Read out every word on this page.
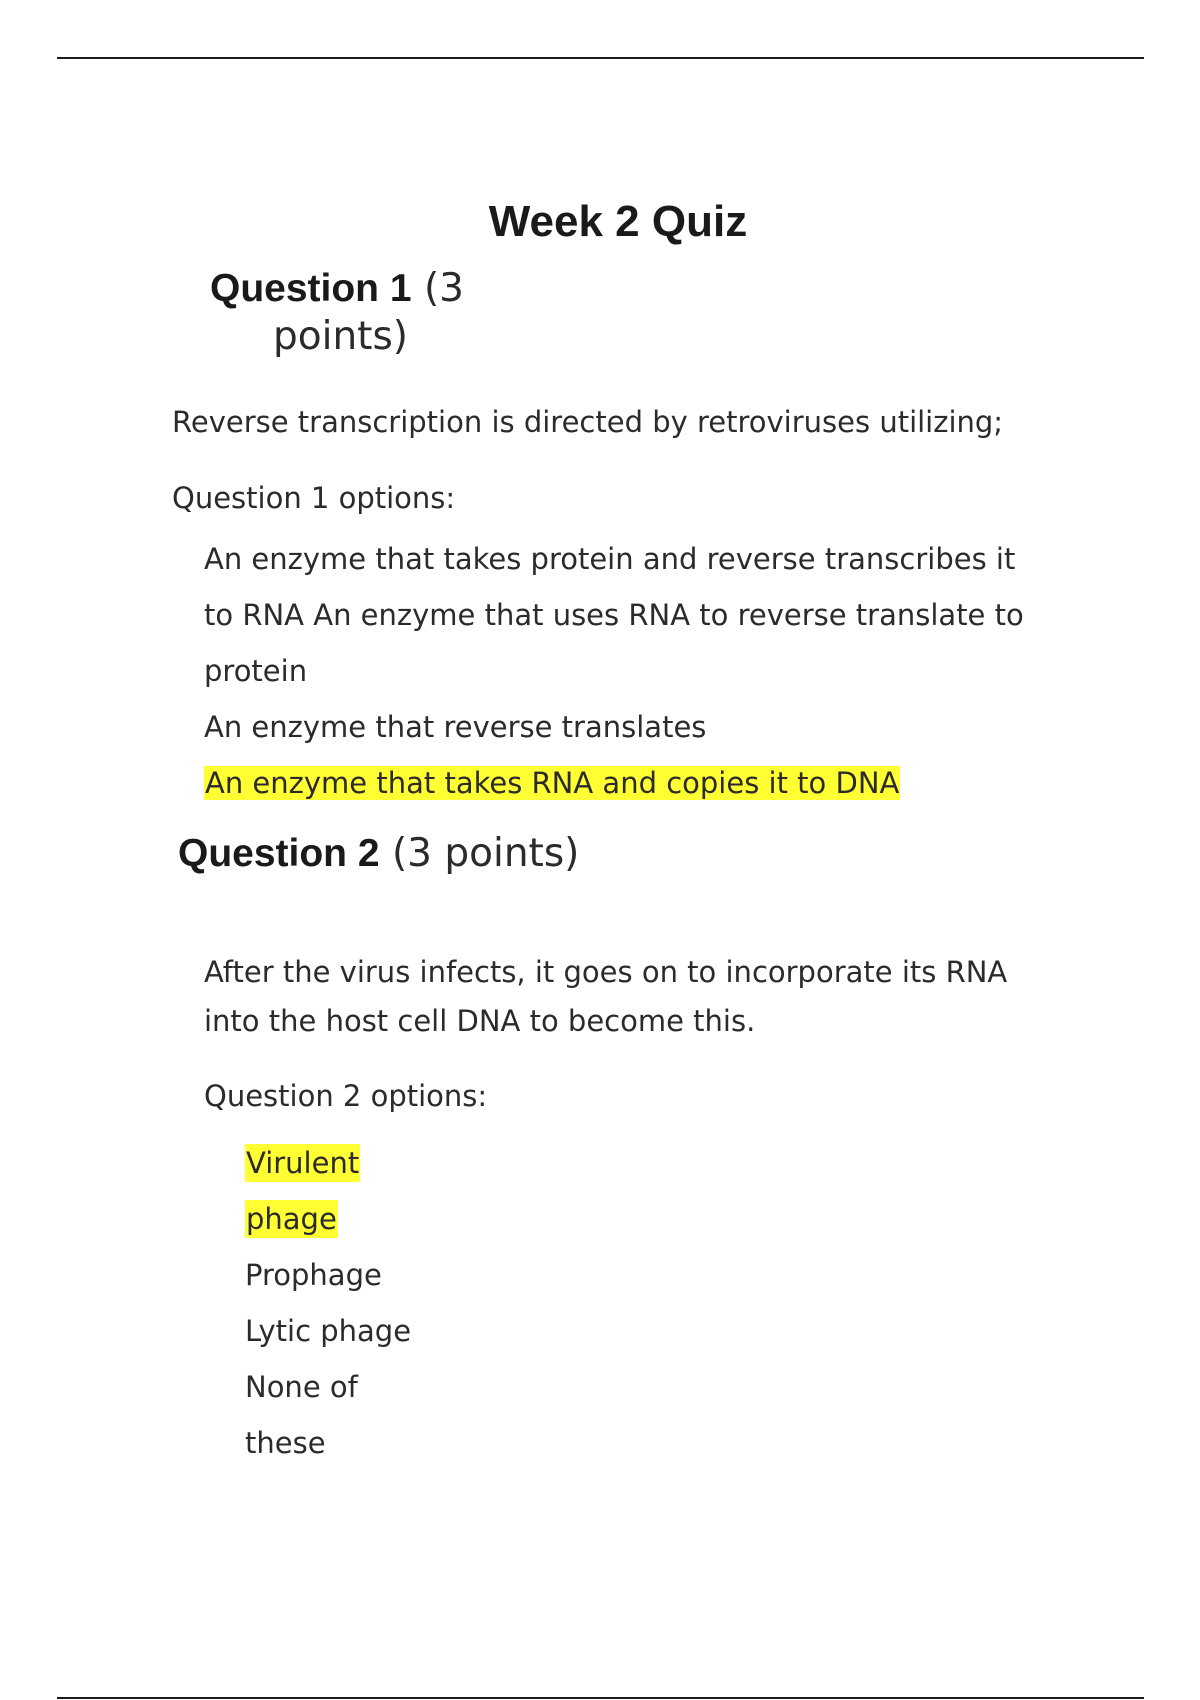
Week 2 Quiz
Question 1 (3
points)
Reverse transcription is directed by retroviruses utilizing;
Question 1 options:
An enzyme that takes protein and reverse transcribes it
to RNA An enzyme that uses RNA to reverse translate to
protein
An enzyme that reverse translates
An enzyme that takes RNA and copies it to DNA
Question 2 (3 points)
After the virus infects, it goes on to incorporate its RNA
into the host cell DNA to become this.
Question 2 options:
Virulent
phage
Prophage
Lytic phage
None of
these
